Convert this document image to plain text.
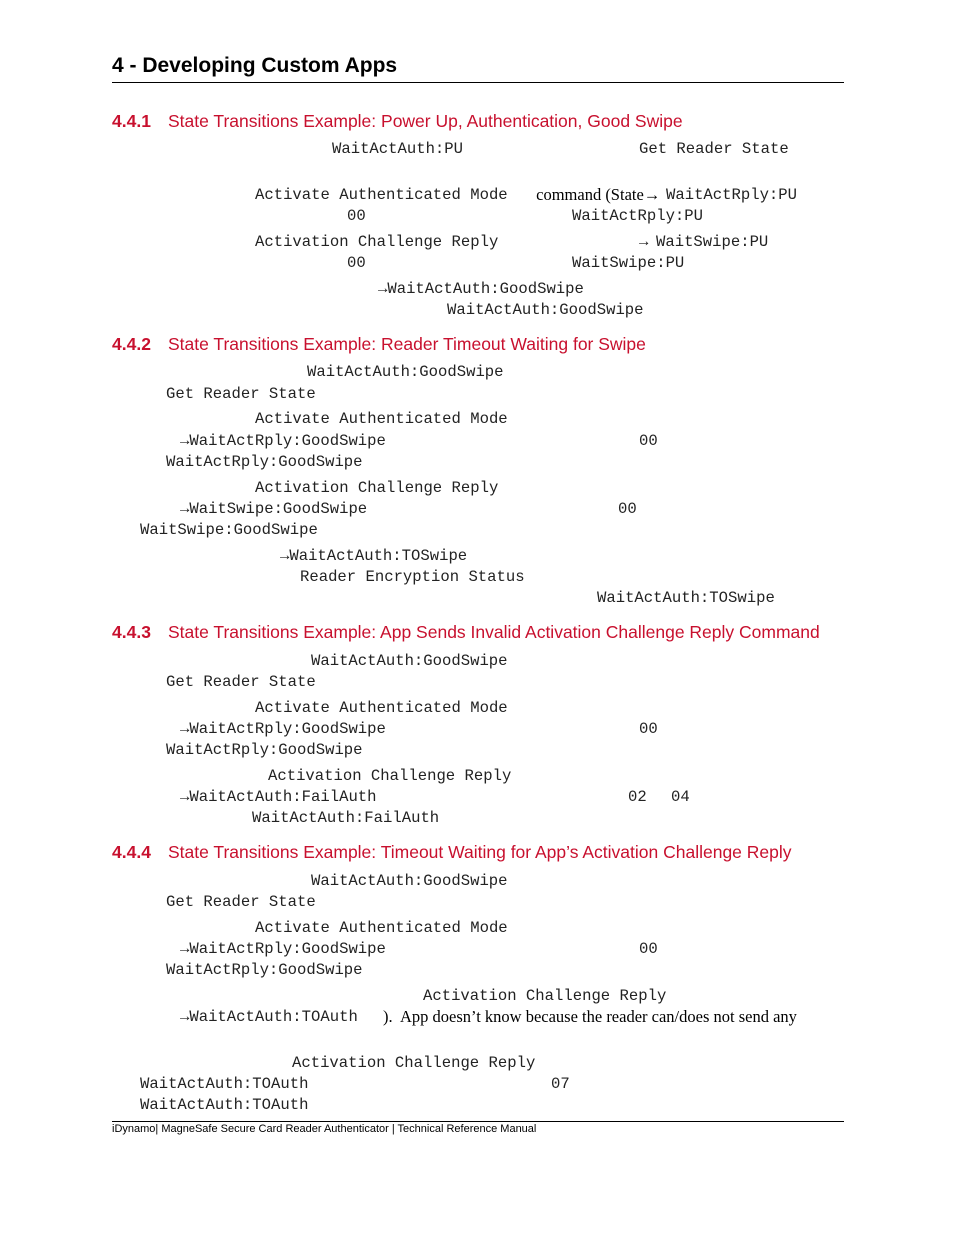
4 - Developing Custom Apps
4.4.1 State Transitions Example: Power Up, Authentication, Good Swipe
WaitActAuth:PU	Get Reader State
Activate Authenticated Mode command (State→ WaitActRply:PU
00	WaitActRply:PU
Activation Challenge Reply	→ WaitSwipe:PU
00	WaitSwipe:PU
→WaitActAuth:GoodSwipe
WaitActAuth:GoodSwipe
4.4.2 State Transitions Example: Reader Timeout Waiting for Swipe
WaitActAuth:GoodSwipe
Get Reader State
Activate Authenticated Mode
→WaitActRply:GoodSwipe	00
WaitActRply:GoodSwipe
Activation Challenge Reply
→WaitSwipe:GoodSwipe	00
WaitSwipe:GoodSwipe
→WaitActAuth:TOSwipe
Reader Encryption Status
WaitActAuth:TOSwipe
4.4.3 State Transitions Example: App Sends Invalid Activation Challenge Reply Command
WaitActAuth:GoodSwipe
Get Reader State
Activate Authenticated Mode
→WaitActRply:GoodSwipe	00
WaitActRply:GoodSwipe
Activation Challenge Reply
→WaitActAuth:FailAuth	02 04
WaitActAuth:FailAuth
4.4.4 State Transitions Example: Timeout Waiting for App’s Activation Challenge Reply
WaitActAuth:GoodSwipe
Get Reader State
Activate Authenticated Mode
→WaitActRply:GoodSwipe	00
WaitActRply:GoodSwipe
Activation Challenge Reply
→WaitActAuth:TOAuth ).  App doesn’t know because the reader can/does not send any
Activation Challenge Reply
WaitActAuth:TOAuth	07
WaitActAuth:TOAuth
iDynamo| MagneSafe Secure Card Reader Authenticator | Technical Reference Manual
